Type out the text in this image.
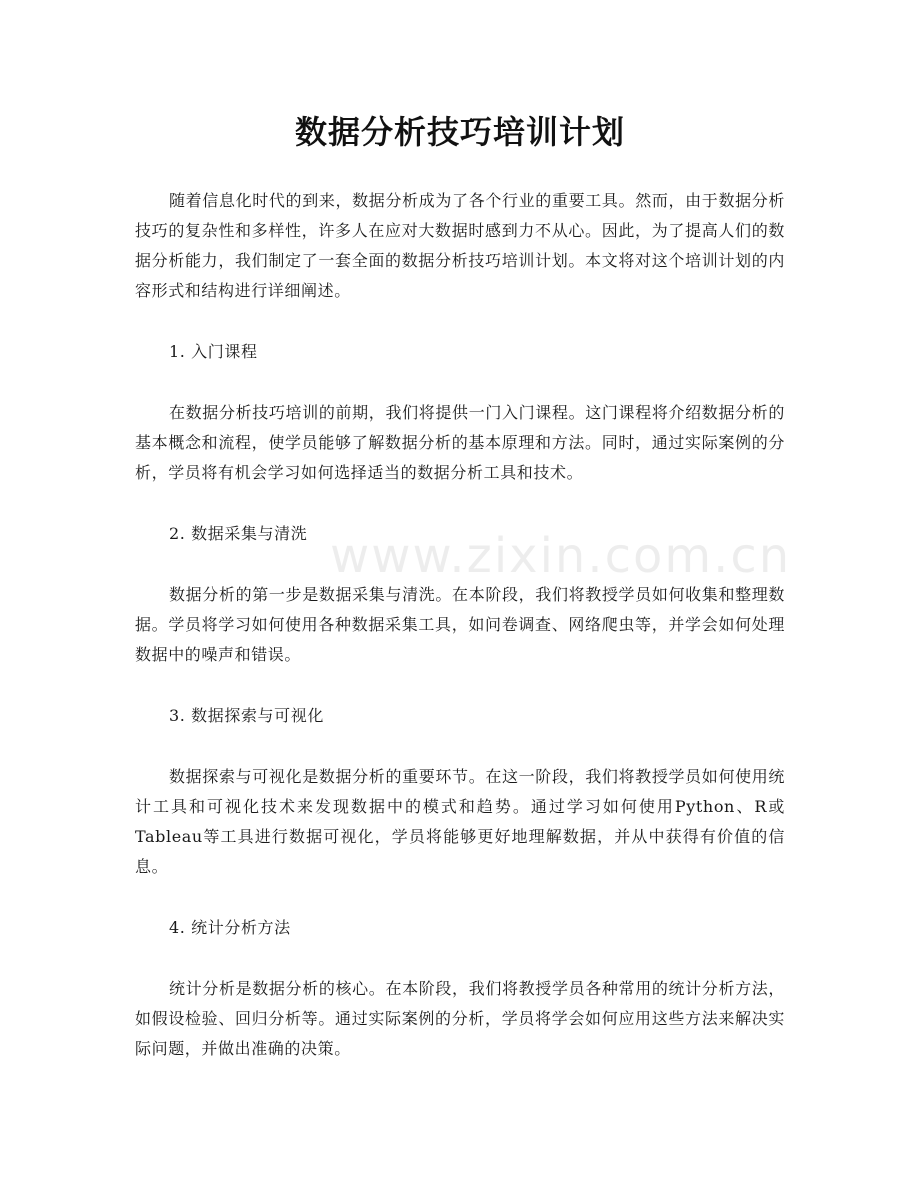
数据分析技巧培训计划
www.zixin.com.cn

随着信息化时代的到来，数据分析成为了各个行业的重要工具。然而，由于数据分析技巧的复杂性和多样性，许多人在应对大数据时感到力不从心。因此，为了提高人们的数据分析能力，我们制定了一套全面的数据分析技巧培训计划。本文将对这个培训计划的内容形式和结构进行详细阐述。

1. 入门课程

在数据分析技巧培训的前期，我们将提供一门入门课程。这门课程将介绍数据分析的基本概念和流程，使学员能够了解数据分析的基本原理和方法。同时，通过实际案例的分析，学员将有机会学习如何选择适当的数据分析工具和技术。

2. 数据采集与清洗

数据分析的第一步是数据采集与清洗。在本阶段，我们将教授学员如何收集和整理数据。学员将学习如何使用各种数据采集工具，如问卷调查、网络爬虫等，并学会如何处理数据中的噪声和错误。

3. 数据探索与可视化

数据探索与可视化是数据分析的重要环节。在这一阶段，我们将教授学员如何使用统计工具和可视化技术来发现数据中的模式和趋势。通过学习如何使用Python、R或Tableau等工具进行数据可视化，学员将能够更好地理解数据，并从中获得有价值的信息。

4. 统计分析方法

统计分析是数据分析的核心。在本阶段，我们将教授学员各种常用的统计分析方法，如假设检验、回归分析等。通过实际案例的分析，学员将学会如何应用这些方法来解决实际问题，并做出准确的决策。
